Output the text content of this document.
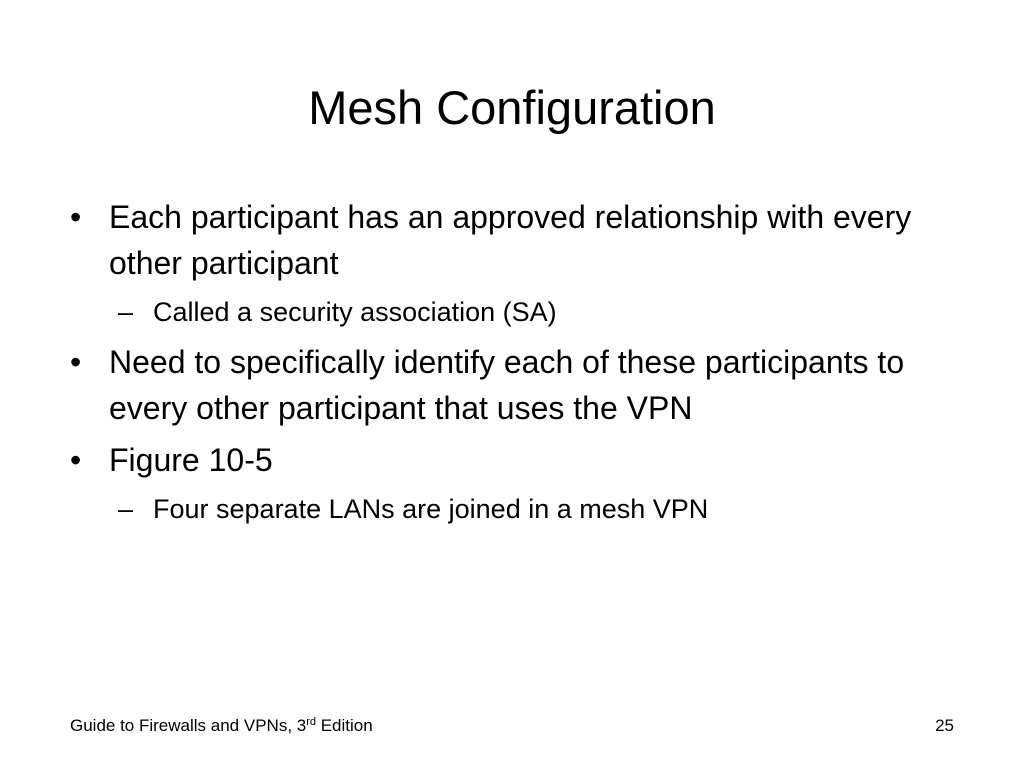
Mesh Configuration
• Each participant has an approved relationship with every other participant
– Called a security association (SA)
• Need to specifically identify each of these participants to every other participant that uses the VPN
• Figure 10-5
– Four separate LANs are joined in a mesh VPN
Guide to Firewalls and VPNs, 3rd Edition	25
